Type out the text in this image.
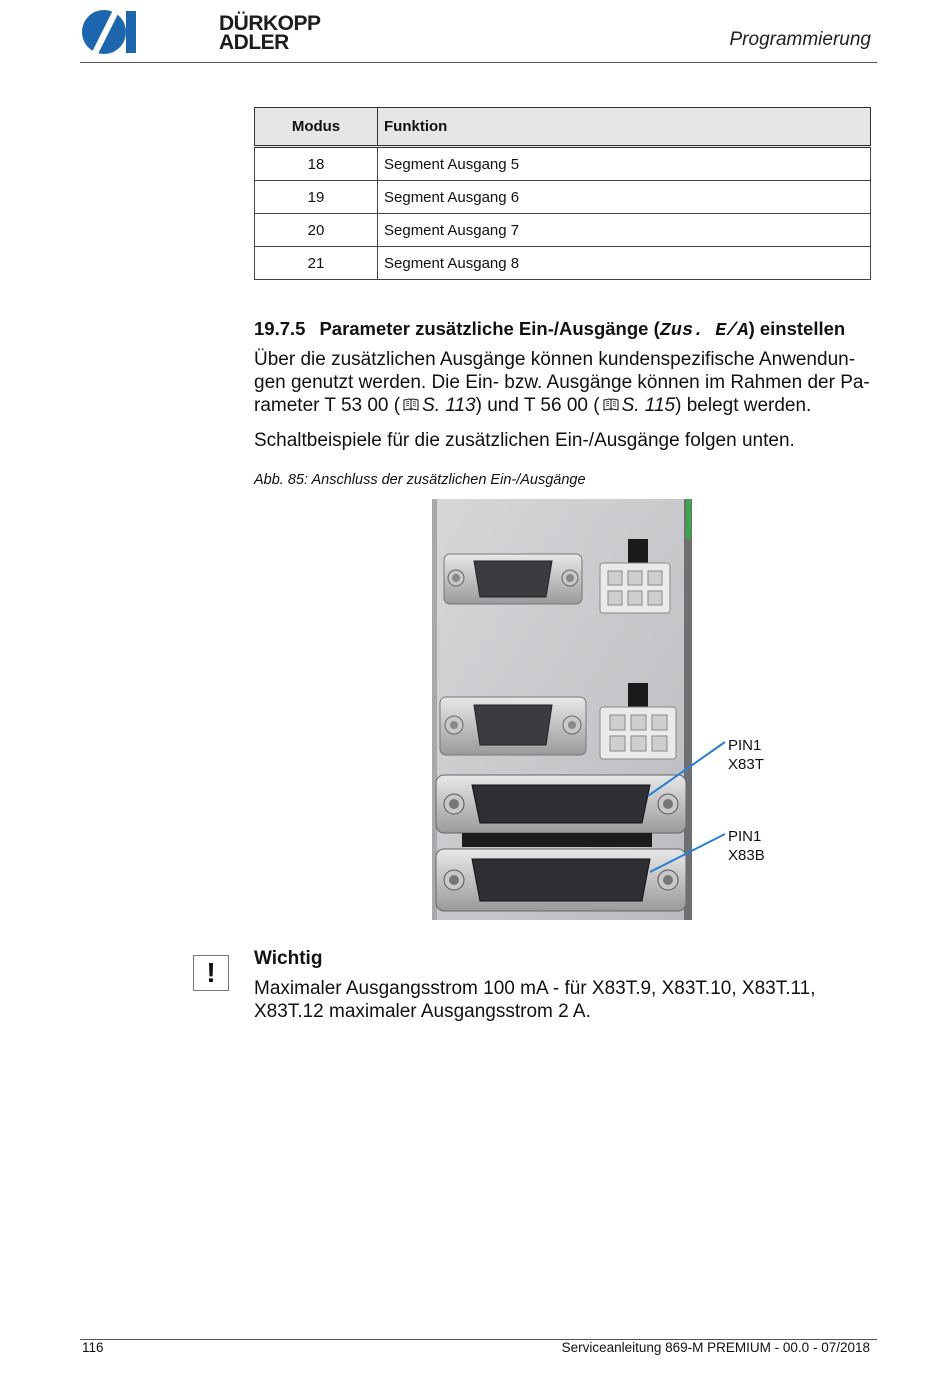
DÜRKOPP
ADLER	Programmierung
Modus	Funktion
18	Segment Ausgang 5
19	Segment Ausgang 6
20	Segment Ausgang 7
21	Segment Ausgang 8
19.7.5 Parameter zusätzliche Ein-/Ausgänge (Zus. E/A) einstellen
Über die zusätzlichen Ausgänge können kundenspezifische Anwendun-gen genutzt werden. Die Ein- bzw. Ausgänge können im Rahmen der Pa-rameter T 53 00 ( S. 113) und T 56 00 ( S. 115) belegt werden.
Schaltbeispiele für die zusätzlichen Ein-/Ausgänge folgen unten.
Abb. 85: Anschluss der zusätzlichen Ein-/Ausgänge
PIN1
X83T
PIN1
X83B
!	Wichtig
Maximaler Ausgangsstrom 100 mA - für X83T.9, X83T.10, X83T.11, X83T.12 maximaler Ausgangsstrom 2 A.
116	Serviceanleitung 869-M PREMIUM - 00.0 - 07/2018
